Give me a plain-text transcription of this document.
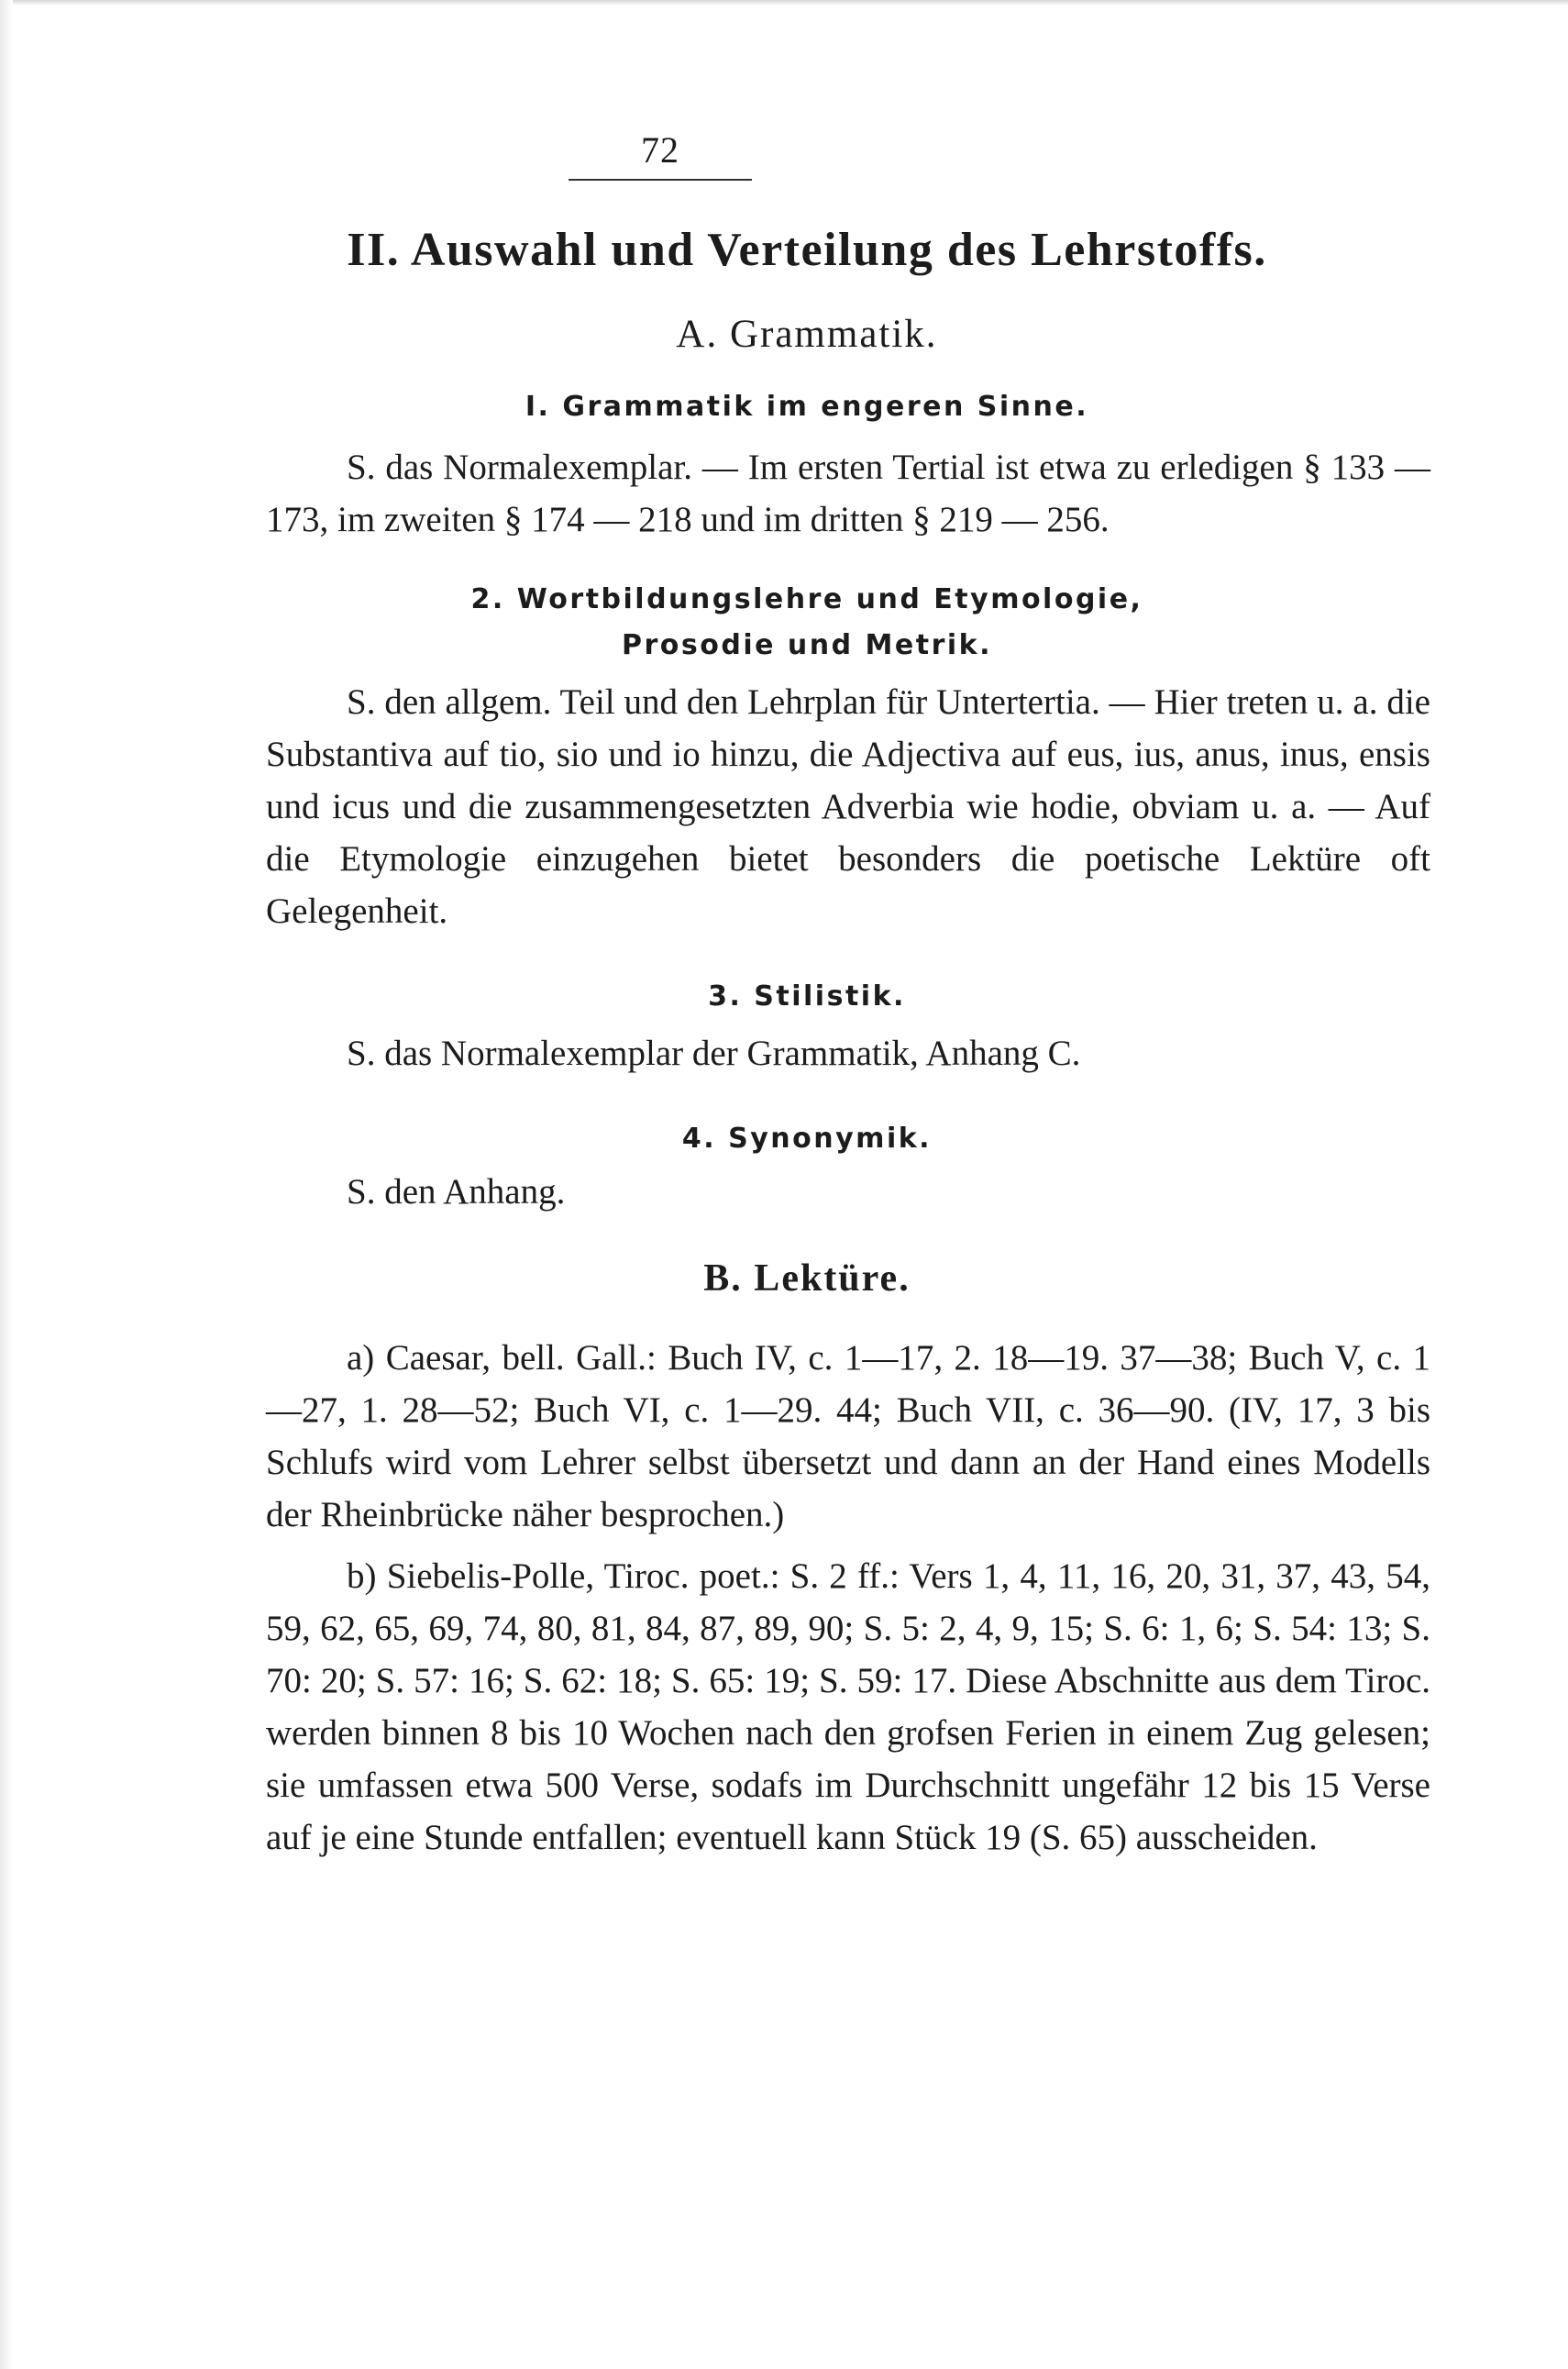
72
II. Auswahl und Verteilung des Lehrstoffs.
A. Grammatik.
I. Grammatik im engeren Sinne.

S. das Normalexemplar. — Im ersten Tertial ist etwa zu erledigen § 133 — 173, im zweiten § 174 — 218 und im dritten § 219 — 256.

2. Wortbildungslehre und Etymologie,
Prosodie und Metrik.

S. den allgem. Teil und den Lehrplan für Untertertia. — Hier treten u. a. die Substantiva auf tio, sio und io hinzu, die Adjectiva auf eus, ius, anus, inus, ensis und icus und die zusammengesetzten Adverbia wie hodie, obviam u. a. — Auf die Etymologie einzugehen bietet besonders die poetische Lektüre oft Gelegenheit.

3. Stilistik.

S. das Normalexemplar der Grammatik, Anhang C.

4. Synonymik.

S. den Anhang.

B. Lektüre.

a) Caesar, bell. Gall.: Buch IV, c. 1—17, 2. 18—19. 37—38; Buch V, c. 1—27, 1. 28—52; Buch VI, c. 1—29. 44; Buch VII, c. 36—90. (IV, 17, 3 bis Schlufs wird vom Lehrer selbst übersetzt und dann an der Hand eines Modells der Rheinbrücke näher besprochen.)

b) Siebelis-Polle, Tiroc. poet.: S. 2 ff.: Vers 1, 4, 11, 16, 20, 31, 37, 43, 54, 59, 62, 65, 69, 74, 80, 81, 84, 87, 89, 90; S. 5: 2, 4, 9, 15; S. 6: 1, 6; S. 54: 13; S. 70: 20; S. 57: 16; S. 62: 18; S. 65: 19; S. 59: 17. Diese Abschnitte aus dem Tiroc. werden binnen 8 bis 10 Wochen nach den grofsen Ferien in einem Zug gelesen; sie umfassen etwa 500 Verse, sodafs im Durchschnitt ungefähr 12 bis 15 Verse auf je eine Stunde entfallen; eventuell kann Stück 19 (S. 65) ausscheiden.
